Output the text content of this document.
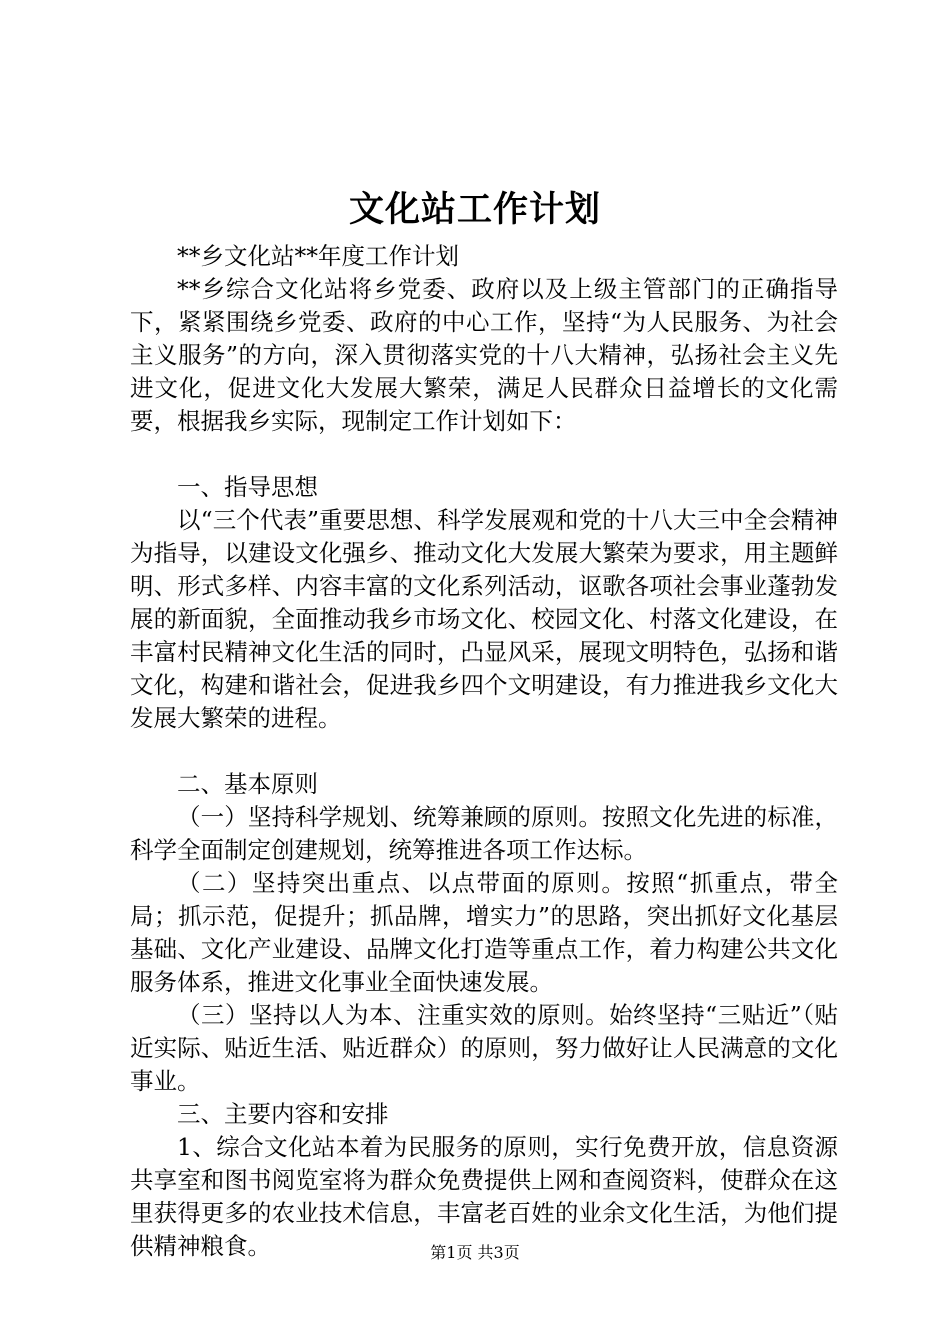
文化站工作计划

**乡文化站**年度工作计划

**乡综合文化站将乡党委、政府以及上级主管部门的正确指导下，紧紧围绕乡党委、政府的中心工作，坚持“为人民服务、为社会主义服务”的方向，深入贯彻落实党的十八大精神，弘扬社会主义先进文化，促进文化大发展大繁荣，满足人民群众日益增长的文化需要，根据我乡实际，现制定工作计划如下：

一、指导思想

以“三个代表”重要思想、科学发展观和党的十八大三中全会精神为指导，以建设文化强乡、推动文化大发展大繁荣为要求，用主题鲜明、形式多样、内容丰富的文化系列活动，讴歌各项社会事业蓬勃发展的新面貌，全面推动我乡市场文化、校园文化、村落文化建设，在丰富村民精神文化生活的同时，凸显风采，展现文明特色，弘扬和谐文化，构建和谐社会，促进我乡四个文明建设，有力推进我乡文化大发展大繁荣的进程。

二、基本原则

（一）坚持科学规划、统筹兼顾的原则。按照文化先进的标准，科学全面制定创建规划，统筹推进各项工作达标。

（二）坚持突出重点、以点带面的原则。按照“抓重点，带全局；抓示范，促提升；抓品牌，增实力”的思路，突出抓好文化基层基础、文化产业建设、品牌文化打造等重点工作，着力构建公共文化服务体系，推进文化事业全面快速发展。

（三）坚持以人为本、注重实效的原则。始终坚持“三贴近”（贴近实际、贴近生活、贴近群众）的原则，努力做好让人民满意的文化事业。

三、主要内容和安排

1、综合文化站本着为民服务的原则，实行免费开放，信息资源共享室和图书阅览室将为群众免费提供上网和查阅资料，使群众在这里获得更多的农业技术信息，丰富老百姓的业余文化生活，为他们提供精神粮食。	第1页 共3页
